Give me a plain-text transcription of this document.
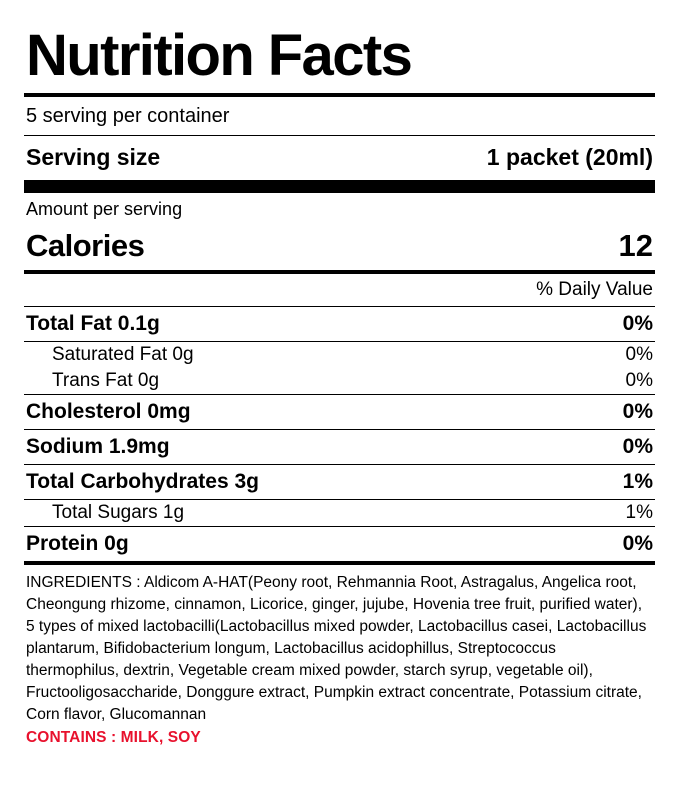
Nutrition Facts
5 serving per container
Serving size	1 packet (20ml)
Amount per serving
Calories	12
% Daily Value
Total Fat 0.1g	0%
Saturated Fat 0g	0%
Trans Fat 0g	0%
Cholesterol 0mg	0%
Sodium 1.9mg	0%
Total Carbohydrates 3g	1%
Total Sugars 1g	1%
Protein 0g	0%
INGREDIENTS : Aldicom A-HAT(Peony root, Rehmannia Root, Astragalus, Angelica root, Cheongung rhizome, cinnamon, Licorice, ginger, jujube, Hovenia tree fruit, purified water), 5 types of mixed lactobacilli(Lactobacillus mixed powder, Lactobacillus casei, Lactobacillus plantarum, Bifidobacterium longum, Lactobacillus acidophillus, Streptococcus thermophilus, dextrin, Vegetable cream mixed powder, starch syrup, vegetable oil), Fructooligosaccharide, Donggure extract, Pumpkin extract concentrate, Potassium citrate, Corn flavor, Glucomannan
CONTAINS : MILK, SOY
